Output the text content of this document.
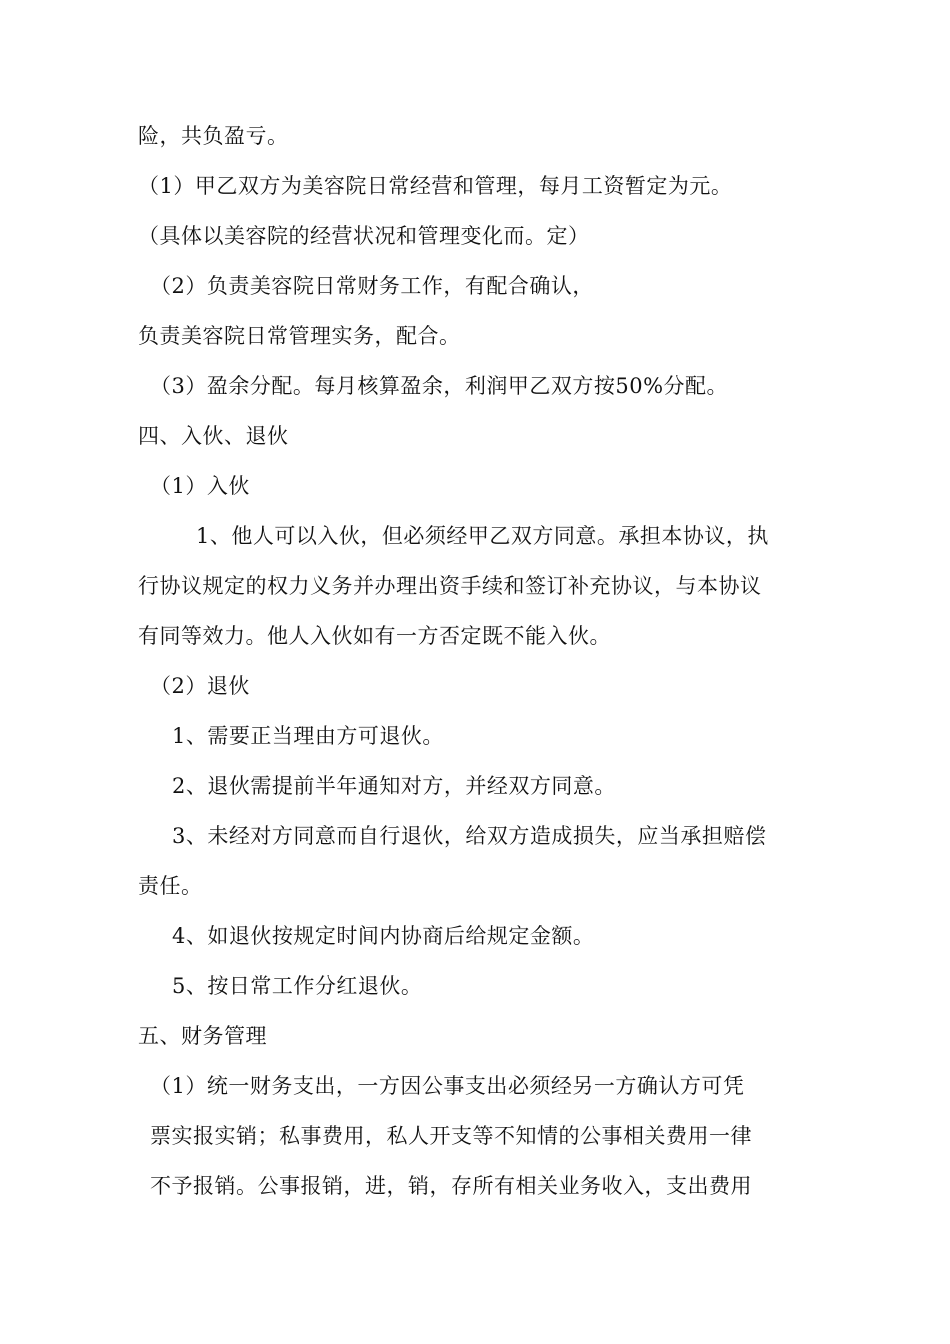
险，共负盈亏。
（1）甲乙双方为美容院日常经营和管理，每月工资暂定为元。
（具体以美容院的经营状况和管理变化而。定）
（2）负责美容院日常财务工作，有配合确认，
负责美容院日常管理实务，配合。
（3）盈余分配。每月核算盈余，利润甲乙双方按50%分配。
四、入伙、退伙
（1）入伙
1、他人可以入伙，但必须经甲乙双方同意。承担本协议，执
行协议规定的权力义务并办理出资手续和签订补充协议，与本协议
有同等效力。他人入伙如有一方否定既不能入伙。
（2）退伙
1、需要正当理由方可退伙。
2、退伙需提前半年通知对方，并经双方同意。
3、未经对方同意而自行退伙，给双方造成损失，应当承担赔偿
责任。
4、如退伙按规定时间内协商后给规定金额。
5、按日常工作分红退伙。
五、财务管理
（1）统一财务支出，一方因公事支出必须经另一方确认方可凭
票实报实销；私事费用，私人开支等不知情的公事相关费用一律
不予报销。公事报销，进，销，存所有相关业务收入，支出费用
